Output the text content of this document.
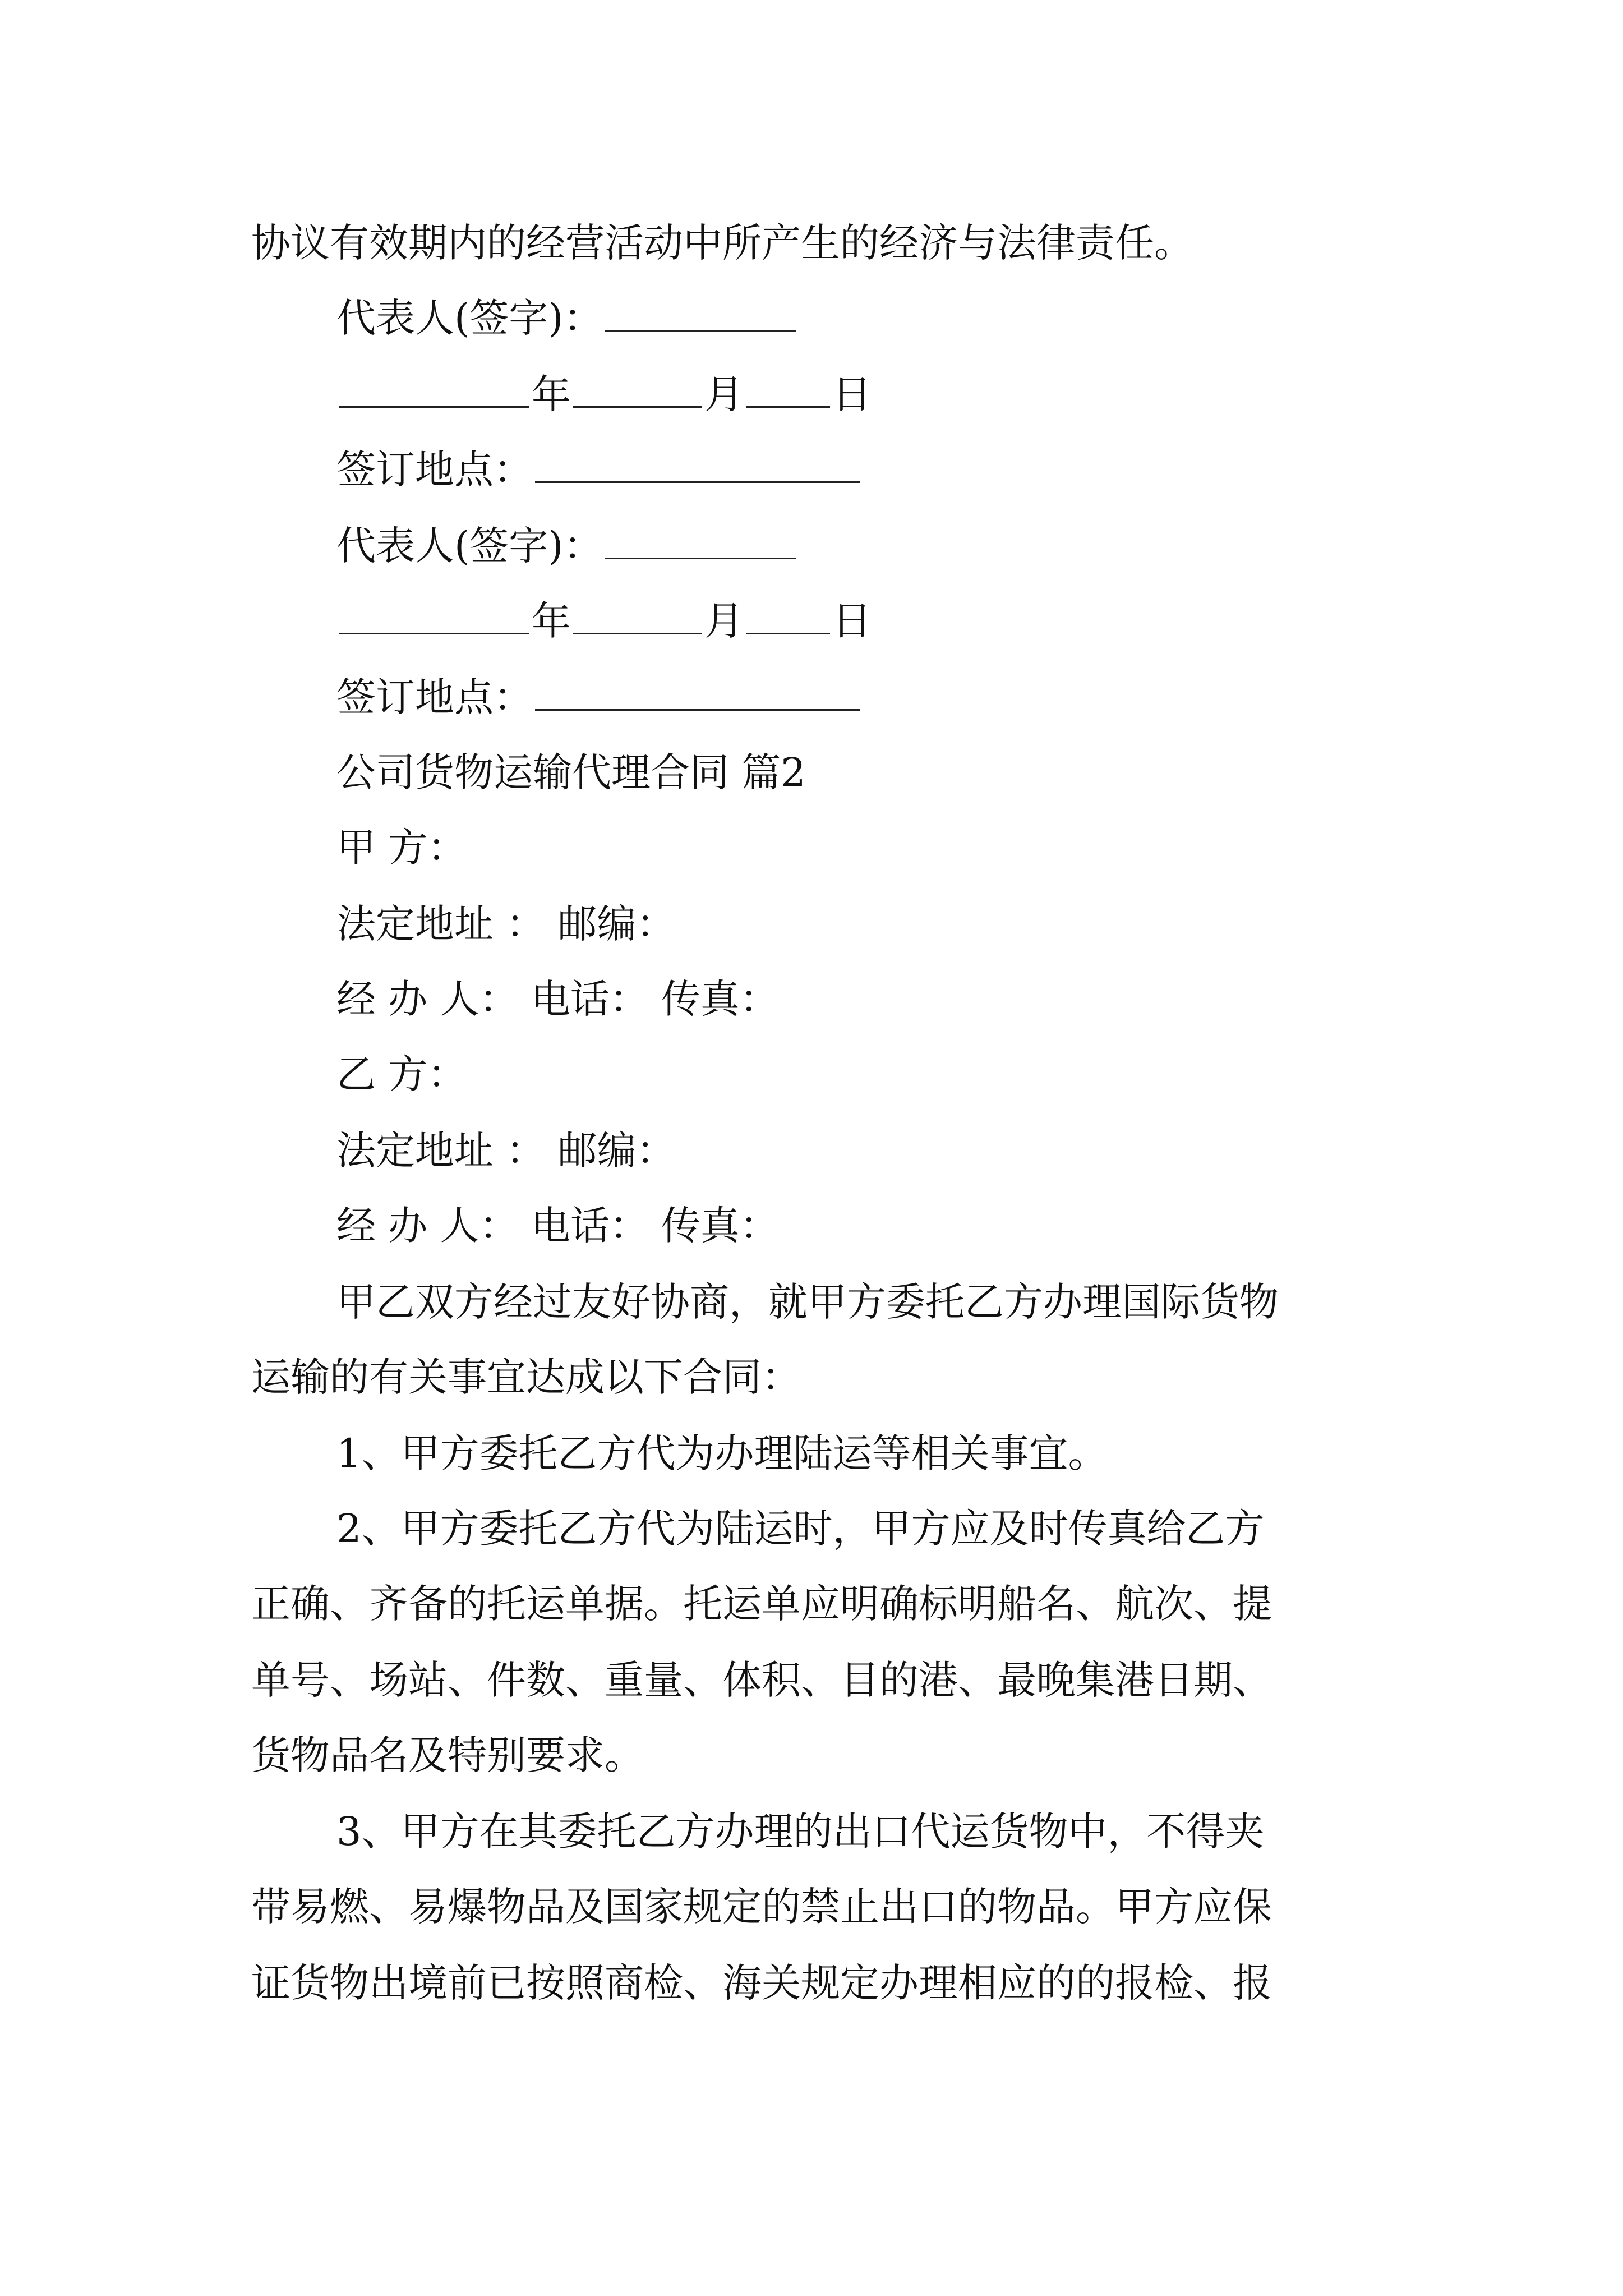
协议有效期内的经营活动中所产生的经济与法律责任。
代表人(签字)：
年	月 日
签订地点：
代表人(签字)：
年	月 日
签订地点：
公司货物运输代理合同 篇2
甲 方：
法定地址 ： 邮编：
经 办 人： 电话： 传真：
乙 方：
法定地址 ： 邮编：
经 办 人： 电话： 传真：
甲乙双方经过友好协商，就甲方委托乙方办理国际货物
运输的有关事宜达成以下合同：
1、甲方委托乙方代为办理陆运等相关事宜。
2、甲方委托乙方代为陆运时，甲方应及时传真给乙方
正确、齐备的托运单据。托运单应明确标明船名、航次、提
单号、场站、件数、重量、体积、目的港、最晚集港日期、
货物品名及特别要求。
3、甲方在其委托乙方办理的出口代运货物中，不得夹
带易燃、易爆物品及国家规定的禁止出口的物品。甲方应保
证货物出境前已按照商检、海关规定办理相应的的报检、报
